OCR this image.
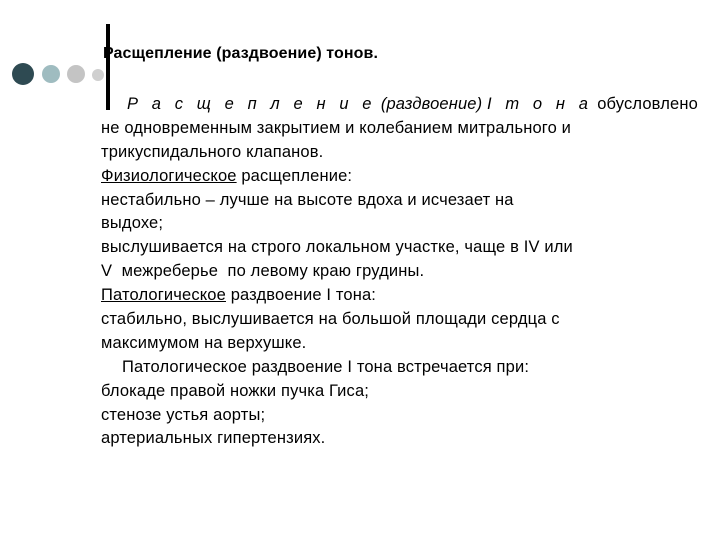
Расщепление (раздвоение) тонов.
Р а с щ е п л е н и е (раздвоение) I т о н а обусловлено
не одновременным закрытием и колебанием митрального и
трикуспидального клапанов.
Физиологическое расщепление:
нестабильно – лучше на высоте вдоха и исчезает на
выдохе;
выслушивается на строго локальном участке, чаще в IV или
V  межреберье  по левому краю грудины.
Патологическое раздвоение I тона:
стабильно, выслушивается на большой площади сердца с
максимумом на верхушке.
Патологическое раздвоение I тона встречается при:
блокаде правой ножки пучка Гиса;
стенозе устья аорты;
артериальных гипертензиях.
